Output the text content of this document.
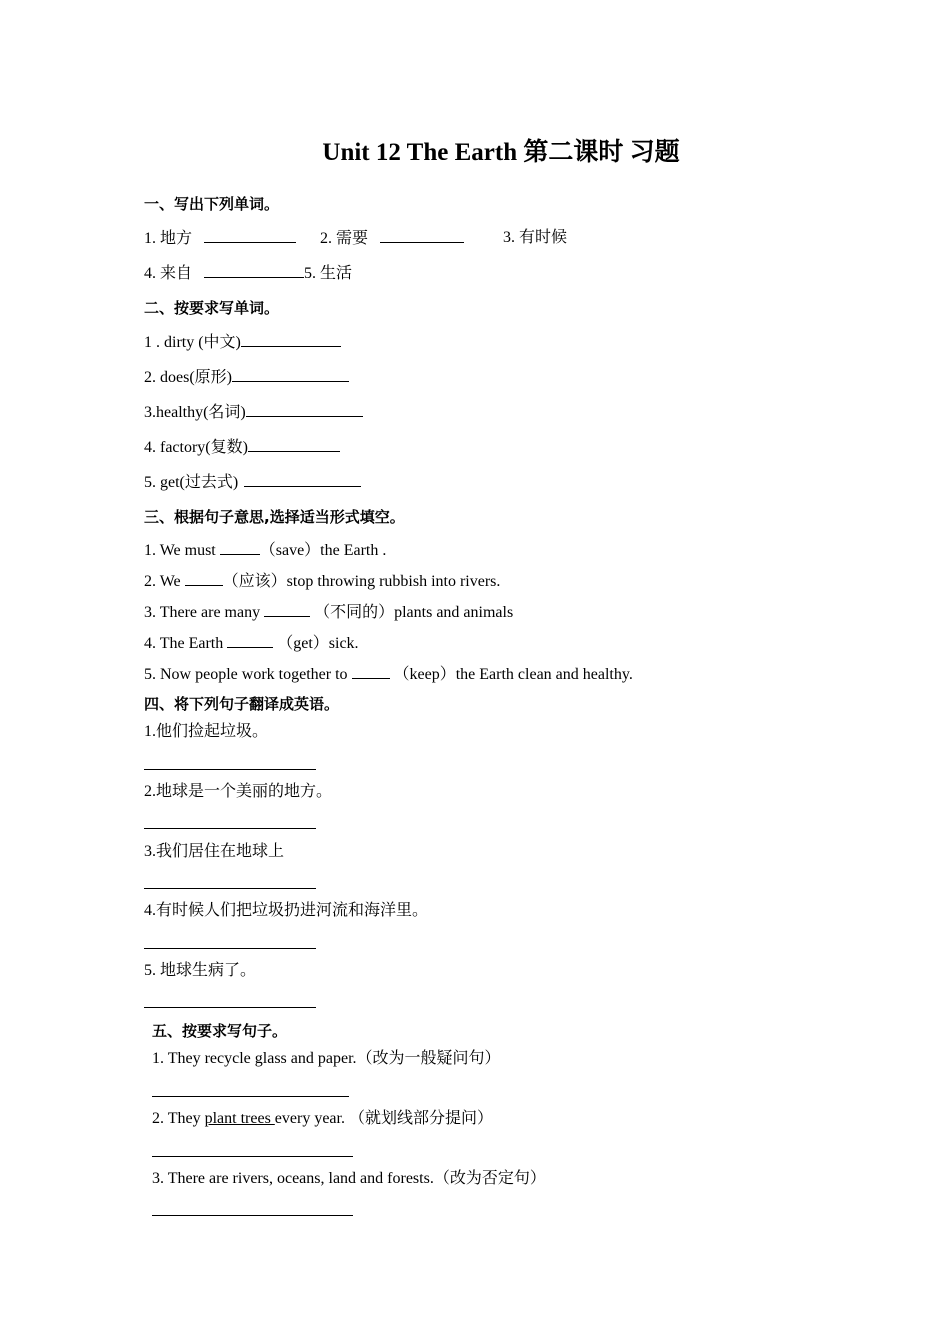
Unit 12 The Earth 第二课时 习题
一、写出下列单词。
1. 地方	2. 需要	3. 有时候
4. 来自	5. 生活
二、按要求写单词。
1 . dirty (中文)
2. does(原形)
3.healthy(名词)
4. factory(复数)
5. get(过去式)
三、根据句子意思,选择适当形式填空。
1. We must	（save）the Earth .
2. We （应该）stop throwing rubbish into rivers.
3. There are many	（不同的）plants and animals
4. The Earth	（get）sick.
5. Now people work together to  （keep）the Earth clean and healthy.
四、将下列句子翻译成英语。
1.他们捡起垃圾。
2.地球是一个美丽的地方。
3.我们居住在地球上
4.有时候人们把垃圾扔进河流和海洋里。
5. 地球生病了。
五、按要求写句子。
1. They recycle glass and paper.（改为一般疑问句）
2. They plant trees every year. （就划线部分提问）
3. There are rivers, oceans, land and forests.（改为否定句）
